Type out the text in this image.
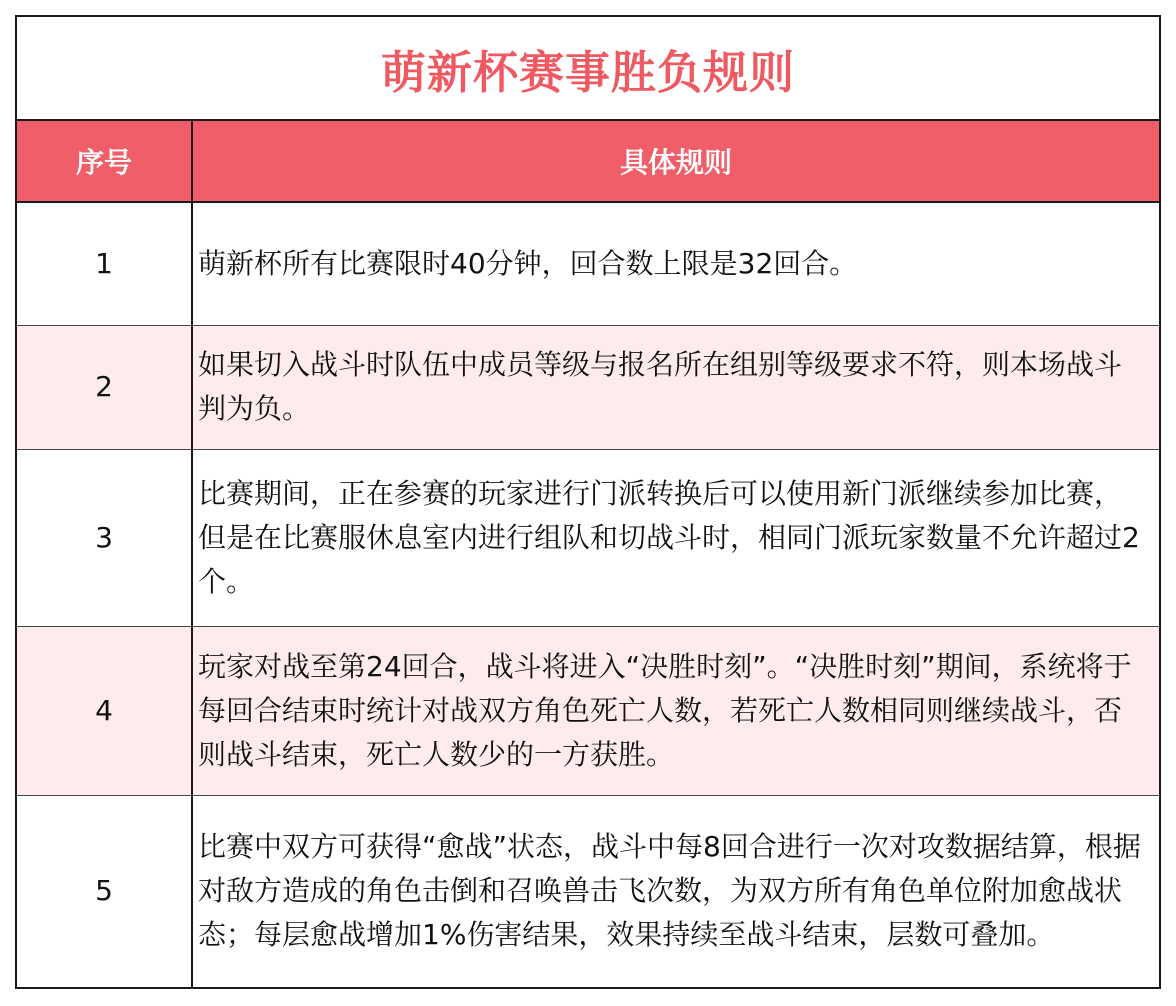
萌新杯赛事胜负规则
序号	具体规则
1	萌新杯所有比赛限时40分钟，回合数上限是32回合。
2	如果切入战斗时队伍中成员等级与报名所在组别等级要求不符，则本场战斗判为负。
3	比赛期间，正在参赛的玩家进行门派转换后可以使用新门派继续参加比赛，但是在比赛服休息室内进行组队和切战斗时，相同门派玩家数量不允许超过2个。
4	玩家对战至第24回合，战斗将进入“决胜时刻”。“决胜时刻”期间，系统将于每回合结束时统计对战双方角色死亡人数，若死亡人数相同则继续战斗，否则战斗结束，死亡人数少的一方获胜。
5	比赛中双方可获得“愈战”状态，战斗中每8回合进行一次对攻数据结算，根据对敌方造成的角色击倒和召唤兽击飞次数，为双方所有角色单位附加愈战状态；每层愈战增加1%伤害结果，效果持续至战斗结束，层数可叠加。
